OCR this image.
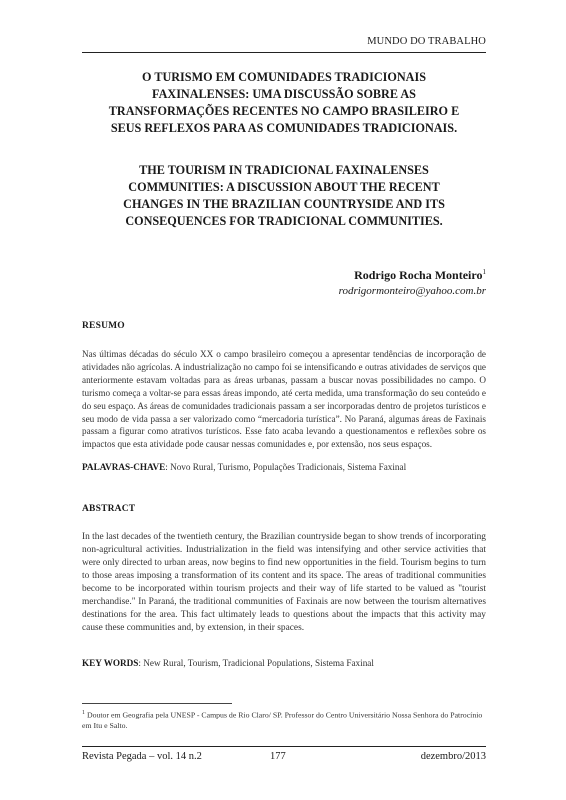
MUNDO DO TRABALHO
O TURISMO EM COMUNIDADES TRADICIONAIS
FAXINALENSES: UMA DISCUSSÃO SOBRE AS
TRANSFORMAÇÕES RECENTES NO CAMPO BRASILEIRO E
SEUS REFLEXOS PARA AS COMUNIDADES TRADICIONAIS.
THE TOURISM IN TRADICIONAL FAXINALENSES
COMMUNITIES: A DISCUSSION ABOUT THE RECENT
CHANGES IN THE BRAZILIAN COUNTRYSIDE AND ITS
CONSEQUENCES FOR TRADICIONAL COMMUNITIES.
Rodrigo Rocha Monteiro$^1$
rodrigormonteiro@yahoo.com.br
RESUMO
Nas últimas décadas do século XX o campo brasileiro começou a apresentar tendências de incorporação de atividades não agrícolas. A industrialização no campo foi se intensificando e outras atividades de serviços que anteriormente estavam voltadas para as áreas urbanas, passam a buscar novas possibilidades no campo. O turismo começa a voltar-se para essas áreas impondo, até certa medida, uma transformação do seu conteúdo e do seu espaço. As áreas de comunidades tradicionais passam a ser incorporadas dentro de projetos turísticos e seu modo de vida passa a ser valorizado como “mercadoria turística”. No Paraná, algumas áreas de Faxinais passam a figurar como atrativos turísticos. Esse fato acaba levando a questionamentos e reflexões sobre os impactos que esta atividade pode causar nessas comunidades e, por extensão, nos seus espaços.
PALAVRAS-CHAVE: Novo Rural, Turismo, Populações Tradicionais, Sistema Faxinal
ABSTRACT
In the last decades of the twentieth century, the Brazilian countryside began to show trends of incorporating non-agricultural activities. Industrialization in the field was intensifying and other service activities that were only directed to urban areas, now begins to find new opportunities in the field. Tourism begins to turn to those areas imposing a transformation of its content and its space. The areas of traditional communities become to be incorporated within tourism projects and their way of life started to be valued as "tourist merchandise." In Paraná, the traditional communities of Faxinais are now between the tourism alternatives destinations for the area. This fact ultimately leads to questions about the impacts that this activity may cause these communities and, by extension, in their spaces.
KEY WORDS: New Rural, Tourism, Tradicional Populations, Sistema Faxinal
$^1$ Doutor em Geografia pela UNESP - Campus de Rio Claro/ SP. Professor do Centro Universitário Nossa Senhora do Patrocínio em Itu e Salto.
Revista Pegada – vol. 14 n.2	177	dezembro/2013
